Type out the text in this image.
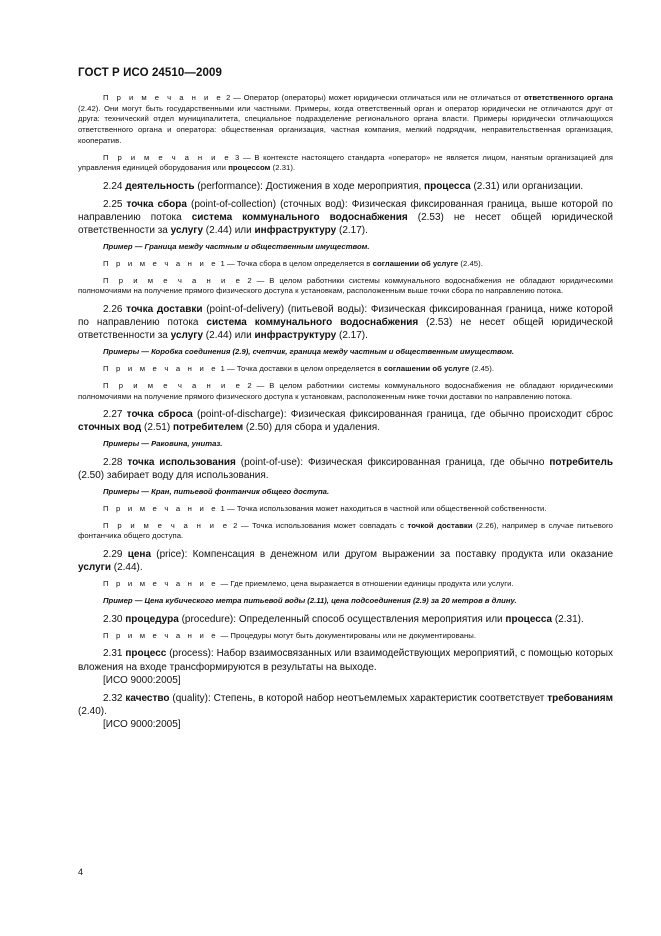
ГОСТ Р ИСО 24510—2009

П р и м е ч а н и е 2 — Оператор (операторы) может юридически отличаться или не отличаться от ответственного органа (2.42). Они могут быть государственными или частными. Примеры, когда ответственный орган и оператор юридически не отличаются друг от друга: технический отдел муниципалитета, специальное подразделение регионального органа власти. Примеры юридически отличающихся ответственного органа и оператора: общественная организация, частная компания, мелкий подрядчик, неправительственная организация, кооператив.

П р и м е ч а н и е 3 — В контексте настоящего стандарта «оператор» не является лицом, нанятым организацией для управления единицей оборудования или процессом (2.31).

2.24 деятельность (performance): Достижения в ходе мероприятия, процесса (2.31) или организации.

2.25 точка сбора (point-of-collection) (сточных вод): Физическая фиксированная граница, выше которой по направлению потока система коммунального водоснабжения (2.53) не несет общей юридической ответственности за услугу (2.44) или инфраструктуру (2.17).

Пример — Граница между частным и общественным имуществом.

П р и м е ч а н и е 1 — Точка сбора в целом определяется в соглашении об услуге (2.45).

П р и м е ч а н и е 2 — В целом работники системы коммунального водоснабжения не обладают юридическими полномочиями на получение прямого физического доступа к установкам, расположенным выше точки сбора по направлению потока.

2.26 точка доставки (point-of-delivery) (питьевой воды): Физическая фиксированная граница, ниже которой по направлению потока система коммунального водоснабжения (2.53) не несет общей юридической ответственности за услугу (2.44) или инфраструктуру (2.17).

Примеры — Коробка соединения (2.9), счетчик, граница между частным и общественным имуществом.

П р и м е ч а н и е 1 — Точка доставки в целом определяется в соглашении об услуге (2.45).

П р и м е ч а н и е 2 — В целом работники системы коммунального водоснабжения не обладают юридическими полномочиями на получение прямого физического доступа к установкам, расположенным ниже точки доставки по направлению потока.

2.27 точка сброса (point-of-discharge): Физическая фиксированная граница, где обычно происходит сброс сточных вод (2.51) потребителем (2.50) для сбора и удаления.

Примеры — Раковина, унитаз.

2.28 точка использования (point-of-use): Физическая фиксированная граница, где обычно потребитель (2.50) забирает воду для использования.

Примеры — Кран, питьевой фонтанчик общего доступа.

П р и м е ч а н и е 1 — Точка использования может находиться в частной или общественной собственности.

П р и м е ч а н и е 2 — Точка использования может совпадать с точкой доставки (2.26), например в случае питьевого фонтанчика общего доступа.

2.29 цена (price): Компенсация в денежном или другом выражении за поставку продукта или оказание услуги (2.44).

П р и м е ч а н и е — Где приемлемо, цена выражается в отношении единицы продукта или услуги.

Пример — Цена кубического метра питьевой воды (2.11), цена подсоединения (2.9) за 20 метров в длину.

2.30 процедура (procedure): Определенный способ осуществления мероприятия или процесса (2.31).

П р и м е ч а н и е — Процедуры могут быть документированы или не документированы.

2.31 процесс (process): Набор взаимосвязанных или взаимодействующих мероприятий, с помощью которых вложения на входе трансформируются в результаты на выходе.

[ИСО 9000:2005]

2.32 качество (quality): Степень, в которой набор неотъемлемых характеристик соответствует требованиям (2.40).

[ИСО 9000:2005]

4
